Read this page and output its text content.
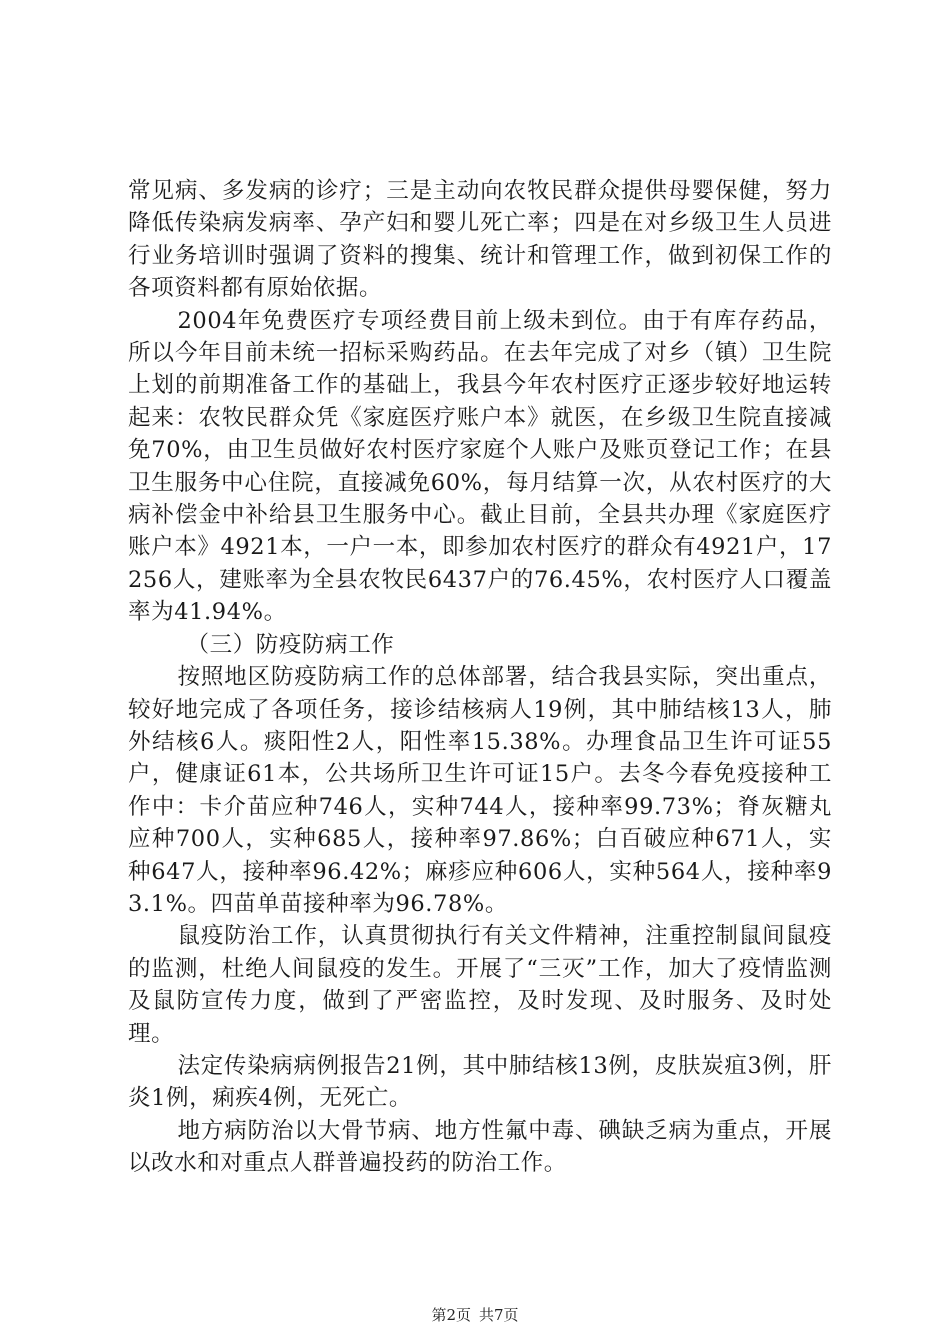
常见病、多发病的诊疗；三是主动向农牧民群众提供母婴保健，努力降低传染病发病率、孕产妇和婴儿死亡率；四是在对乡级卫生人员进行业务培训时强调了资料的搜集、统计和管理工作，做到初保工作的各项资料都有原始依据。

2004年免费医疗专项经费目前上级未到位。由于有库存药品，所以今年目前未统一招标采购药品。在去年完成了对乡（镇）卫生院上划的前期准备工作的基础上，我县今年农村医疗正逐步较好地运转起来：农牧民群众凭《家庭医疗账户本》就医，在乡级卫生院直接减免70%，由卫生员做好农村医疗家庭个人账户及账页登记工作；在县卫生服务中心住院，直接减免60%，每月结算一次，从农村医疗的大病补偿金中补给县卫生服务中心。截止目前，全县共办理《家庭医疗账户本》4921本，一户一本，即参加农村医疗的群众有4921户，17256人，建账率为全县农牧民6437户的76.45%，农村医疗人口覆盖率为41.94%。

（三）防疫防病工作

按照地区防疫防病工作的总体部署，结合我县实际，突出重点，较好地完成了各项任务，接诊结核病人19例，其中肺结核13人，肺外结核6人。痰阳性2人，阳性率15.38%。办理食品卫生许可证55户，健康证61本，公共场所卫生许可证15户。去冬今春免疫接种工作中：卡介苗应种746人，实种744人，接种率99.73%；脊灰糖丸应种700人，实种685人，接种率97.86%；白百破应种671人，实种647人，接种率96.42%；麻疹应种606人，实种564人，接种率93.1%。四苗单苗接种率为96.78%。

鼠疫防治工作，认真贯彻执行有关文件精神，注重控制鼠间鼠疫的监测，杜绝人间鼠疫的发生。开展了“三灭”工作，加大了疫情监测及鼠防宣传力度，做到了严密监控，及时发现、及时服务、及时处理。

法定传染病病例报告21例，其中肺结核13例，皮肤炭疽3例，肝炎1例，痢疾4例，无死亡。

地方病防治以大骨节病、地方性氟中毒、碘缺乏病为重点，开展以改水和对重点人群普遍投药的防治工作。

第2页 共7页
